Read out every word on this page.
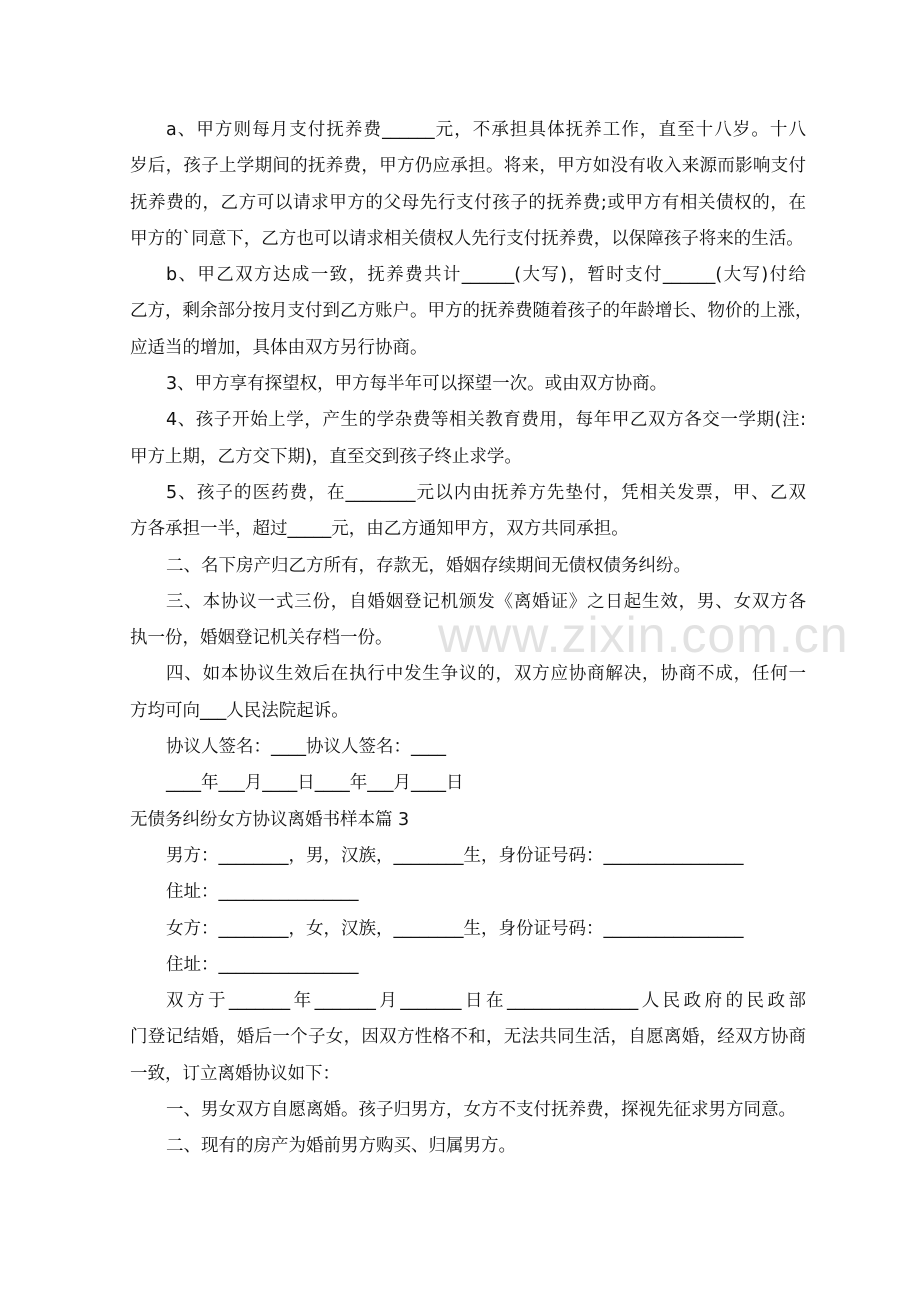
a、甲方则每月支付抚养费______元，不承担具体抚养工作，直至十八岁。十八
岁后，孩子上学期间的抚养费，甲方仍应承担。将来，甲方如没有收入来源而影响支付
抚养费的，乙方可以请求甲方的父母先行支付孩子的抚养费;或甲方有相关债权的，在
甲方的`同意下，乙方也可以请求相关债权人先行支付抚养费，以保障孩子将来的生活。
b、甲乙双方达成一致，抚养费共计______(大写)，暂时支付______(大写)付给
乙方，剩余部分按月支付到乙方账户。甲方的抚养费随着孩子的年龄增长、物价的上涨，
应适当的增加，具体由双方另行协商。
3、甲方享有探望权，甲方每半年可以探望一次。或由双方协商。
4、孩子开始上学，产生的学杂费等相关教育费用，每年甲乙双方各交一学期(注:
甲方上期，乙方交下期)，直至交到孩子终止求学。
5、孩子的医药费，在________元以内由抚养方先垫付，凭相关发票，甲、乙双
方各承担一半，超过_____元，由乙方通知甲方，双方共同承担。
二、名下房产归乙方所有，存款无，婚姻存续期间无债权债务纠纷。
三、本协议一式三份，自婚姻登记机颁发《离婚证》之日起生效，男、女双方各
执一份，婚姻登记机关存档一份。
四、如本协议生效后在执行中发生争议的，双方应协商解决，协商不成，任何一
方均可向___人民法院起诉。
协议人签名：____协议人签名：____
____年___月____日____年___月____日
无债务纠纷女方协议离婚书样本篇 3
男方：________，男，汉族，________生，身份证号码：________________
住址：________________
女方：________，女，汉族，________生，身份证号码：________________
住址：________________
双方于_______年_______月_______日在_______________人民政府的民政部
门登记结婚，婚后一个子女，因双方性格不和，无法共同生活，自愿离婚，经双方协商
一致，订立离婚协议如下：
一、男女双方自愿离婚。孩子归男方，女方不支付抚养费，探视先征求男方同意。
二、现有的房产为婚前男方购买、归属男方。
www.zixin.com.cn
